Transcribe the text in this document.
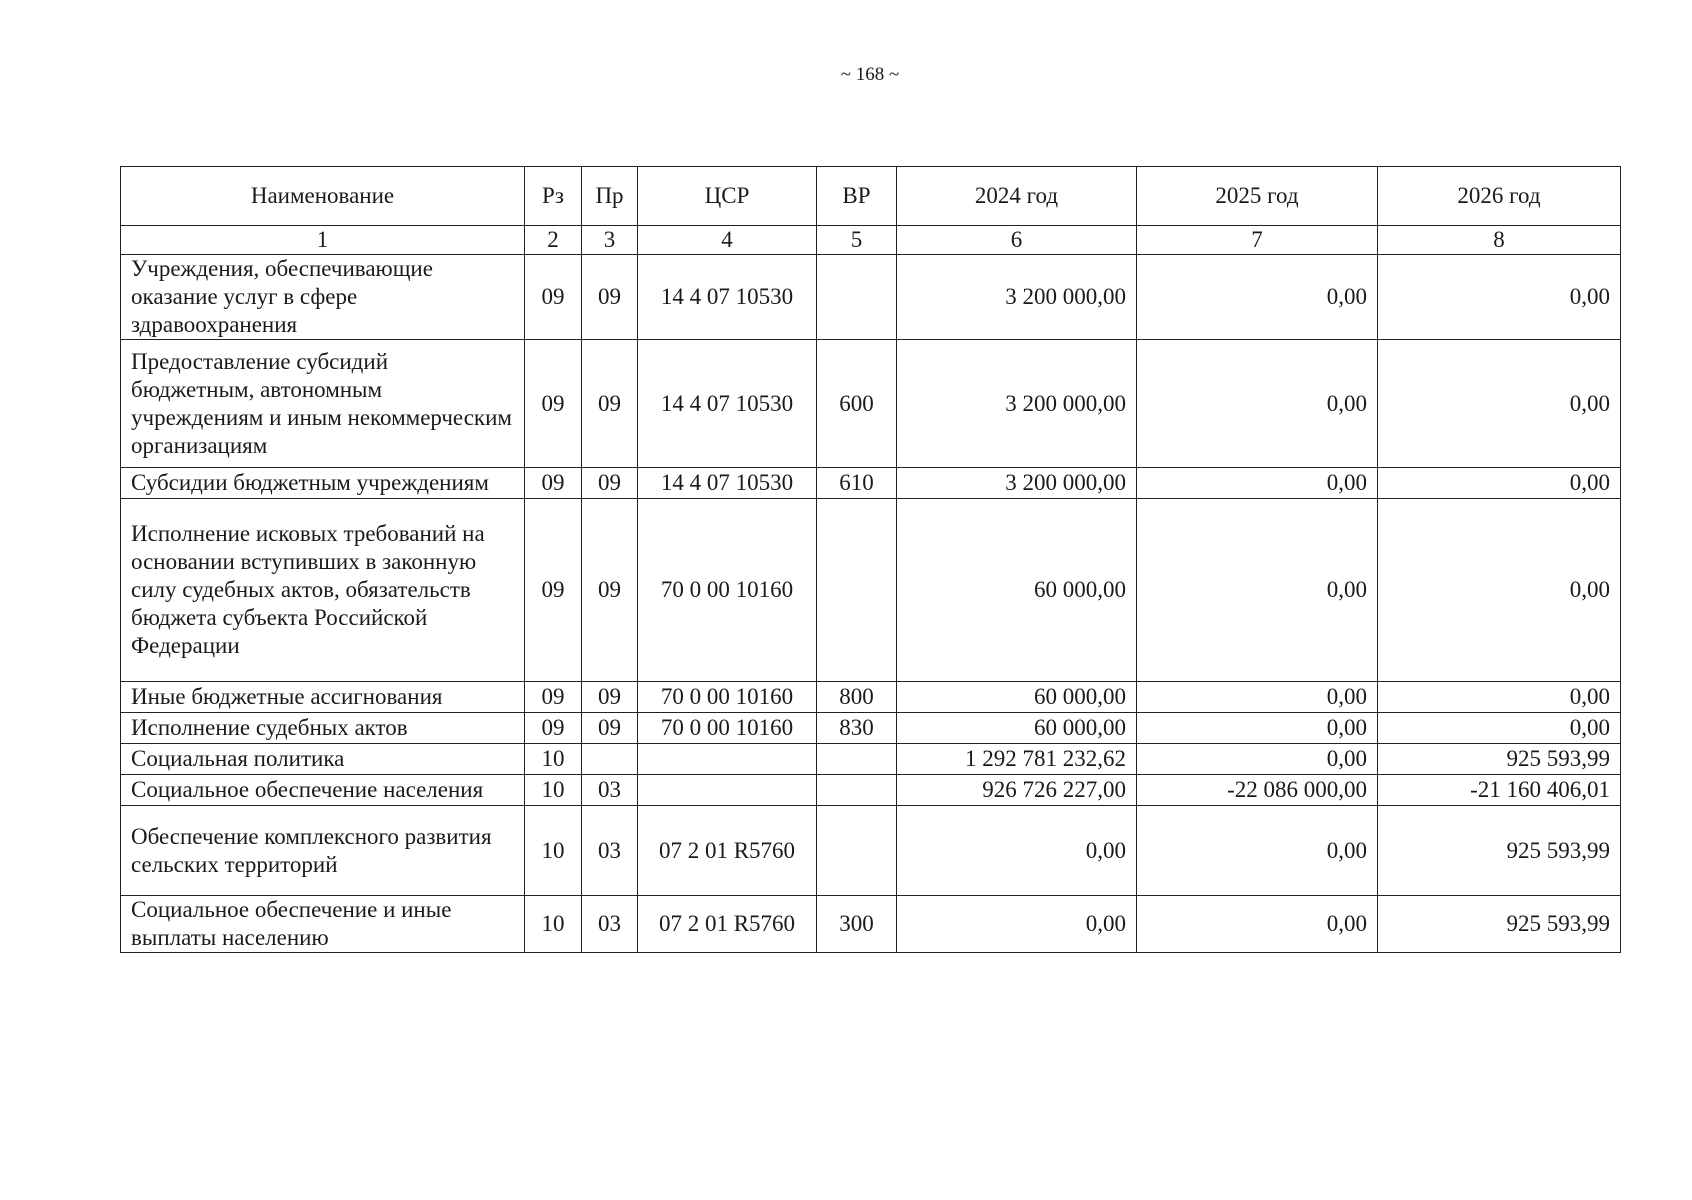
~ 168 ~
Наименование	Рз	Пр	ЦСР	ВР	2024 год	2025 год	2026 год
1	2	3	4	5	6	7	8
Учреждения, обеспечивающие оказание услуг в сфере здравоохранения	09	09	14 4 07 10530		3 200 000,00	0,00	0,00
Предоставление субсидий бюджетным, автономным учреждениям и иным некоммерческим организациям	09	09	14 4 07 10530	600	3 200 000,00	0,00	0,00
Субсидии бюджетным учреждениям	09	09	14 4 07 10530	610	3 200 000,00	0,00	0,00
Исполнение исковых требований на основании вступивших в законную силу судебных актов, обязательств бюджета субъекта Российской Федерации	09	09	70 0 00 10160		60 000,00	0,00	0,00
Иные бюджетные ассигнования	09	09	70 0 00 10160	800	60 000,00	0,00	0,00
Исполнение судебных актов	09	09	70 0 00 10160	830	60 000,00	0,00	0,00
Социальная политика	10				1 292 781 232,62	0,00	925 593,99
Социальное обеспечение населения	10	03			926 726 227,00	-22 086 000,00	-21 160 406,01
Обеспечение комплексного развития сельских территорий	10	03	07 2 01 R5760		0,00	0,00	925 593,99
Социальное обеспечение и иные выплаты населению	10	03	07 2 01 R5760	300	0,00	0,00	925 593,99
